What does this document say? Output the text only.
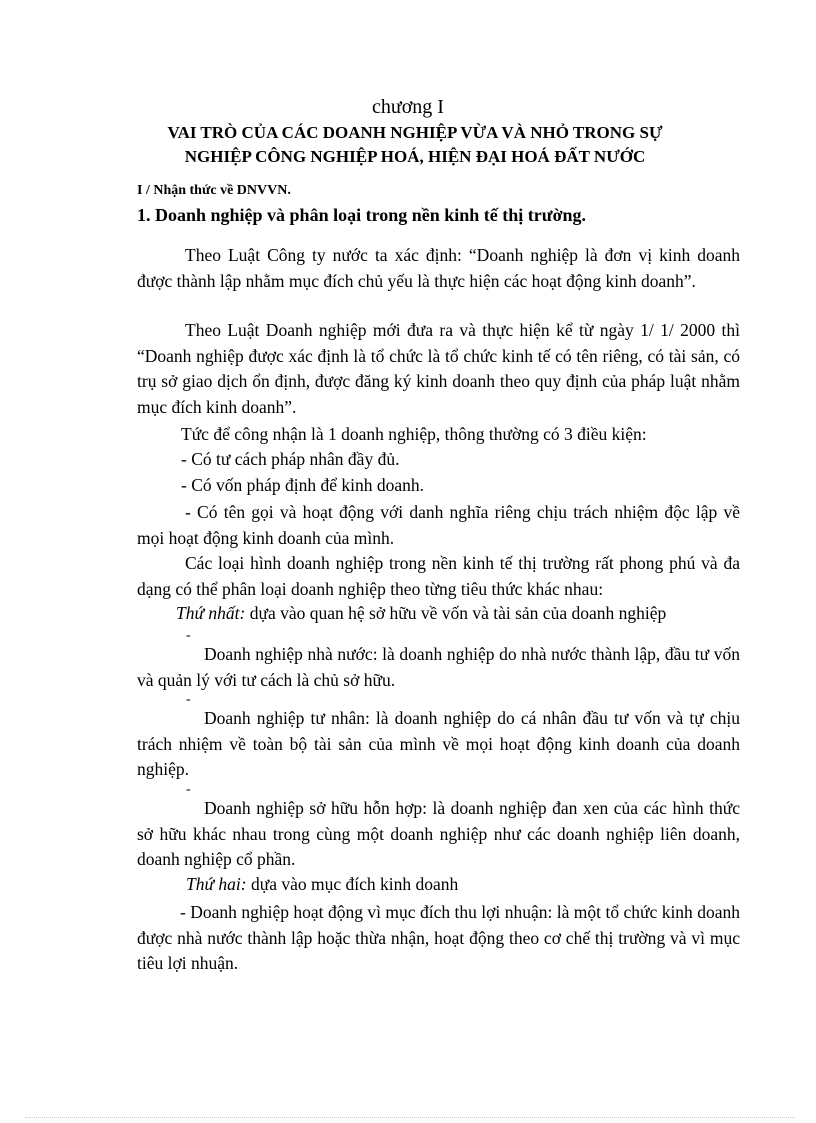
chương I
VAI TRÒ CỦA CÁC DOANH NGHIỆP VỪA VÀ NHỎ TRONG SỰ
NGHIỆP CÔNG NGHIỆP HOÁ, HIỆN ĐẠI HOÁ ĐẤT NƯỚC
I / Nhận thức về DNVVN.
1. Doanh nghiệp và phân loại trong nền kinh tế thị trường.
Theo Luật Công ty nước ta xác định: “Doanh nghiệp là đơn vị kinh doanh được thành lập nhằm mục đích chủ yếu là thực hiện các hoạt động kinh doanh”.
Theo Luật Doanh nghiệp mới đưa ra và thực hiện kể từ ngày 1/ 1/ 2000 thì “Doanh nghiệp được xác định là tổ chức là tổ chức kinh tế có tên riêng, có tài sản, có trụ sở giao dịch ổn định, được đăng ký kinh doanh theo quy định của pháp luật nhằm mục đích kinh doanh”.
Tức để công nhận là 1 doanh nghiệp, thông thường có 3 điều kiện:
- Có tư cách pháp nhân đầy đủ.
- Có vốn pháp định để kinh doanh.
- Có tên gọi và hoạt động với danh nghĩa riêng chịu trách nhiệm độc lập về mọi hoạt động kinh doanh của mình.
Các loại hình doanh nghiệp trong nền kinh tế thị trường rất phong phú và đa dạng có thể phân loại doanh nghiệp theo từng tiêu thức khác nhau:
Thứ nhất: dựa vào quan hệ sở hữu về vốn và tài sản của doanh nghiệp
-
Doanh nghiệp nhà nước: là doanh nghiệp do nhà nước thành lập, đầu tư vốn và quản lý với tư cách là chủ sở hữu.
-
Doanh nghiệp tư nhân: là doanh nghiệp do cá nhân đầu tư vốn và tự chịu trách nhiệm về toàn bộ tài sản của mình về mọi hoạt động kinh doanh của doanh nghiệp.
-
Doanh nghiệp sở hữu hỗn hợp: là doanh nghiệp đan xen của các hình thức sở hữu khác nhau trong cùng một doanh nghiệp như các doanh nghiệp liên doanh, doanh nghiệp cổ phần.
Thứ hai: dựa vào mục đích kinh doanh
- Doanh nghiệp hoạt động vì mục đích thu lợi nhuận: là một tổ chức kinh doanh được nhà nước thành lập hoặc thừa nhận, hoạt động theo cơ chế thị trường và vì mục tiêu lợi nhuận.
